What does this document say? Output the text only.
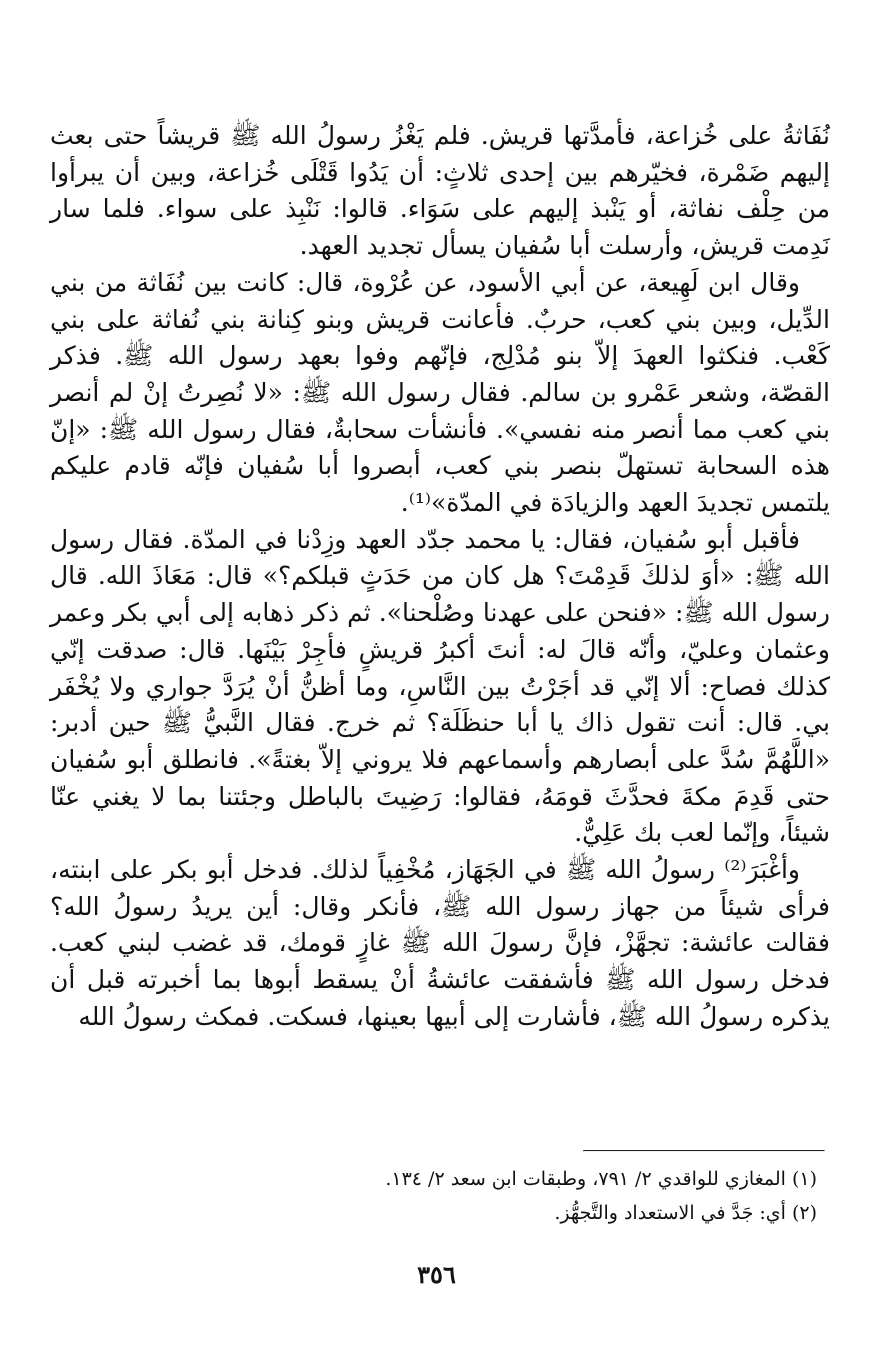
نُفَاثةُ على خُزاعة، فأمدَّتها قريش. فلم يَغْزُ رسولُ الله ﷺ قريشاً حتى بعث إليهم ضَمْرة، فخيّرهم بين إحدى ثلاثٍ: أن يَدُوا قَتْلَى خُزاعة، وبين أن يبرأوا من حِلْف نفاثة، أو يَنْبذ إليهم على سَوَاء. قالوا: نَنْبِذ على سواء. فلما سار نَدِمت قريش، وأرسلت أبا سُفيان يسأل تجديد العهد.

وقال ابن لَهِيعة، عن أبي الأسود، عن عُرْوة، قال: كانت بين نُفَاثة من بني الدِّيل، وبين بني كعب، حربٌ. فأعانت قريش وبنو كِنانة بني نُفاثة على بني كَعْب. فنكثوا العهدَ إلاّ بنو مُدْلِج، فإنّهم وفوا بعهد رسول الله ﷺ. فذكر القصّة، وشعر عَمْرو بن سالم. فقال رسول الله ﷺ: «لا نُصِرتُ إنْ لم أنصر بني كعب مما أنصر منه نفسي». فأنشأت سحابةٌ، فقال رسول الله ﷺ: «إنّ هذه السحابة تستهلّ بنصر بني كعب، أبصروا أبا سُفيان فإنّه قادم عليكم يلتمس تجديدَ العهد والزيادَة في المدّة»⁽¹⁾.

فأقبل أبو سُفيان، فقال: يا محمد جدّد العهد وزِدْنا في المدّة. فقال رسول الله ﷺ: «أوَ لذلكَ قَدِمْتَ؟ هل كان من حَدَثٍ قبلكم؟» قال: مَعَاذَ الله. قال رسول الله ﷺ: «فنحن على عهدنا وصُلْحنا». ثم ذكر ذهابه إلى أبي بكر وعمر وعثمان وعليّ، وأنّه قالَ له: أنتَ أكبرُ قريشٍ فأجِرْ بَيْنَها. قال: صدقت إنّي كذلك فصاح: ألا إنّي قد أجَرْتُ بين النَّاسِ، وما أظنُّ أنْ يُرَدَّ جواري ولا يُخْفَر بي. قال: أنت تقول ذاك يا أبا حنظَلَة؟ ثم خرج. فقال النَّبيُّ ﷺ حين أدبر: «اللَّهُمَّ سُدَّ على أبصارهم وأسماعهم فلا يروني إلاّ بغتةً». فانطلق أبو سُفيان حتى قَدِمَ مكةَ فحدَّثَ قومَهُ، فقالوا: رَضِيتَ بالباطل وجئتنا بما لا يغني عنّا شيئاً، وإنّما لعب بك عَلِيٌّ.

وأغْبَرَ⁽²⁾ رسولُ الله ﷺ في الجَهَاز، مُخْفِياً لذلك. فدخل أبو بكر على ابنته، فرأى شيئاً من جهاز رسول الله ﷺ، فأنكر وقال: أين يريدُ رسولُ الله؟ فقالت عائشة: تجهَّزْ، فإنَّ رسولَ الله ﷺ غازٍ قومك، قد غضب لبني كعب. فدخل رسول الله ﷺ فأشفقت عائشةُ أنْ يسقط أبوها بما أخبرته قبل أن يذكره رسولُ الله ﷺ، فأشارت إلى أبيها بعينها، فسكت. فمكث رسولُ الله

(١) المغازي للواقدي ٢/ ٧٩١، وطبقات ابن سعد ٢/ ١٣٤.

(٢) أي: جَدَّ في الاستعداد والتَّجهُّز.

٣٥٦
